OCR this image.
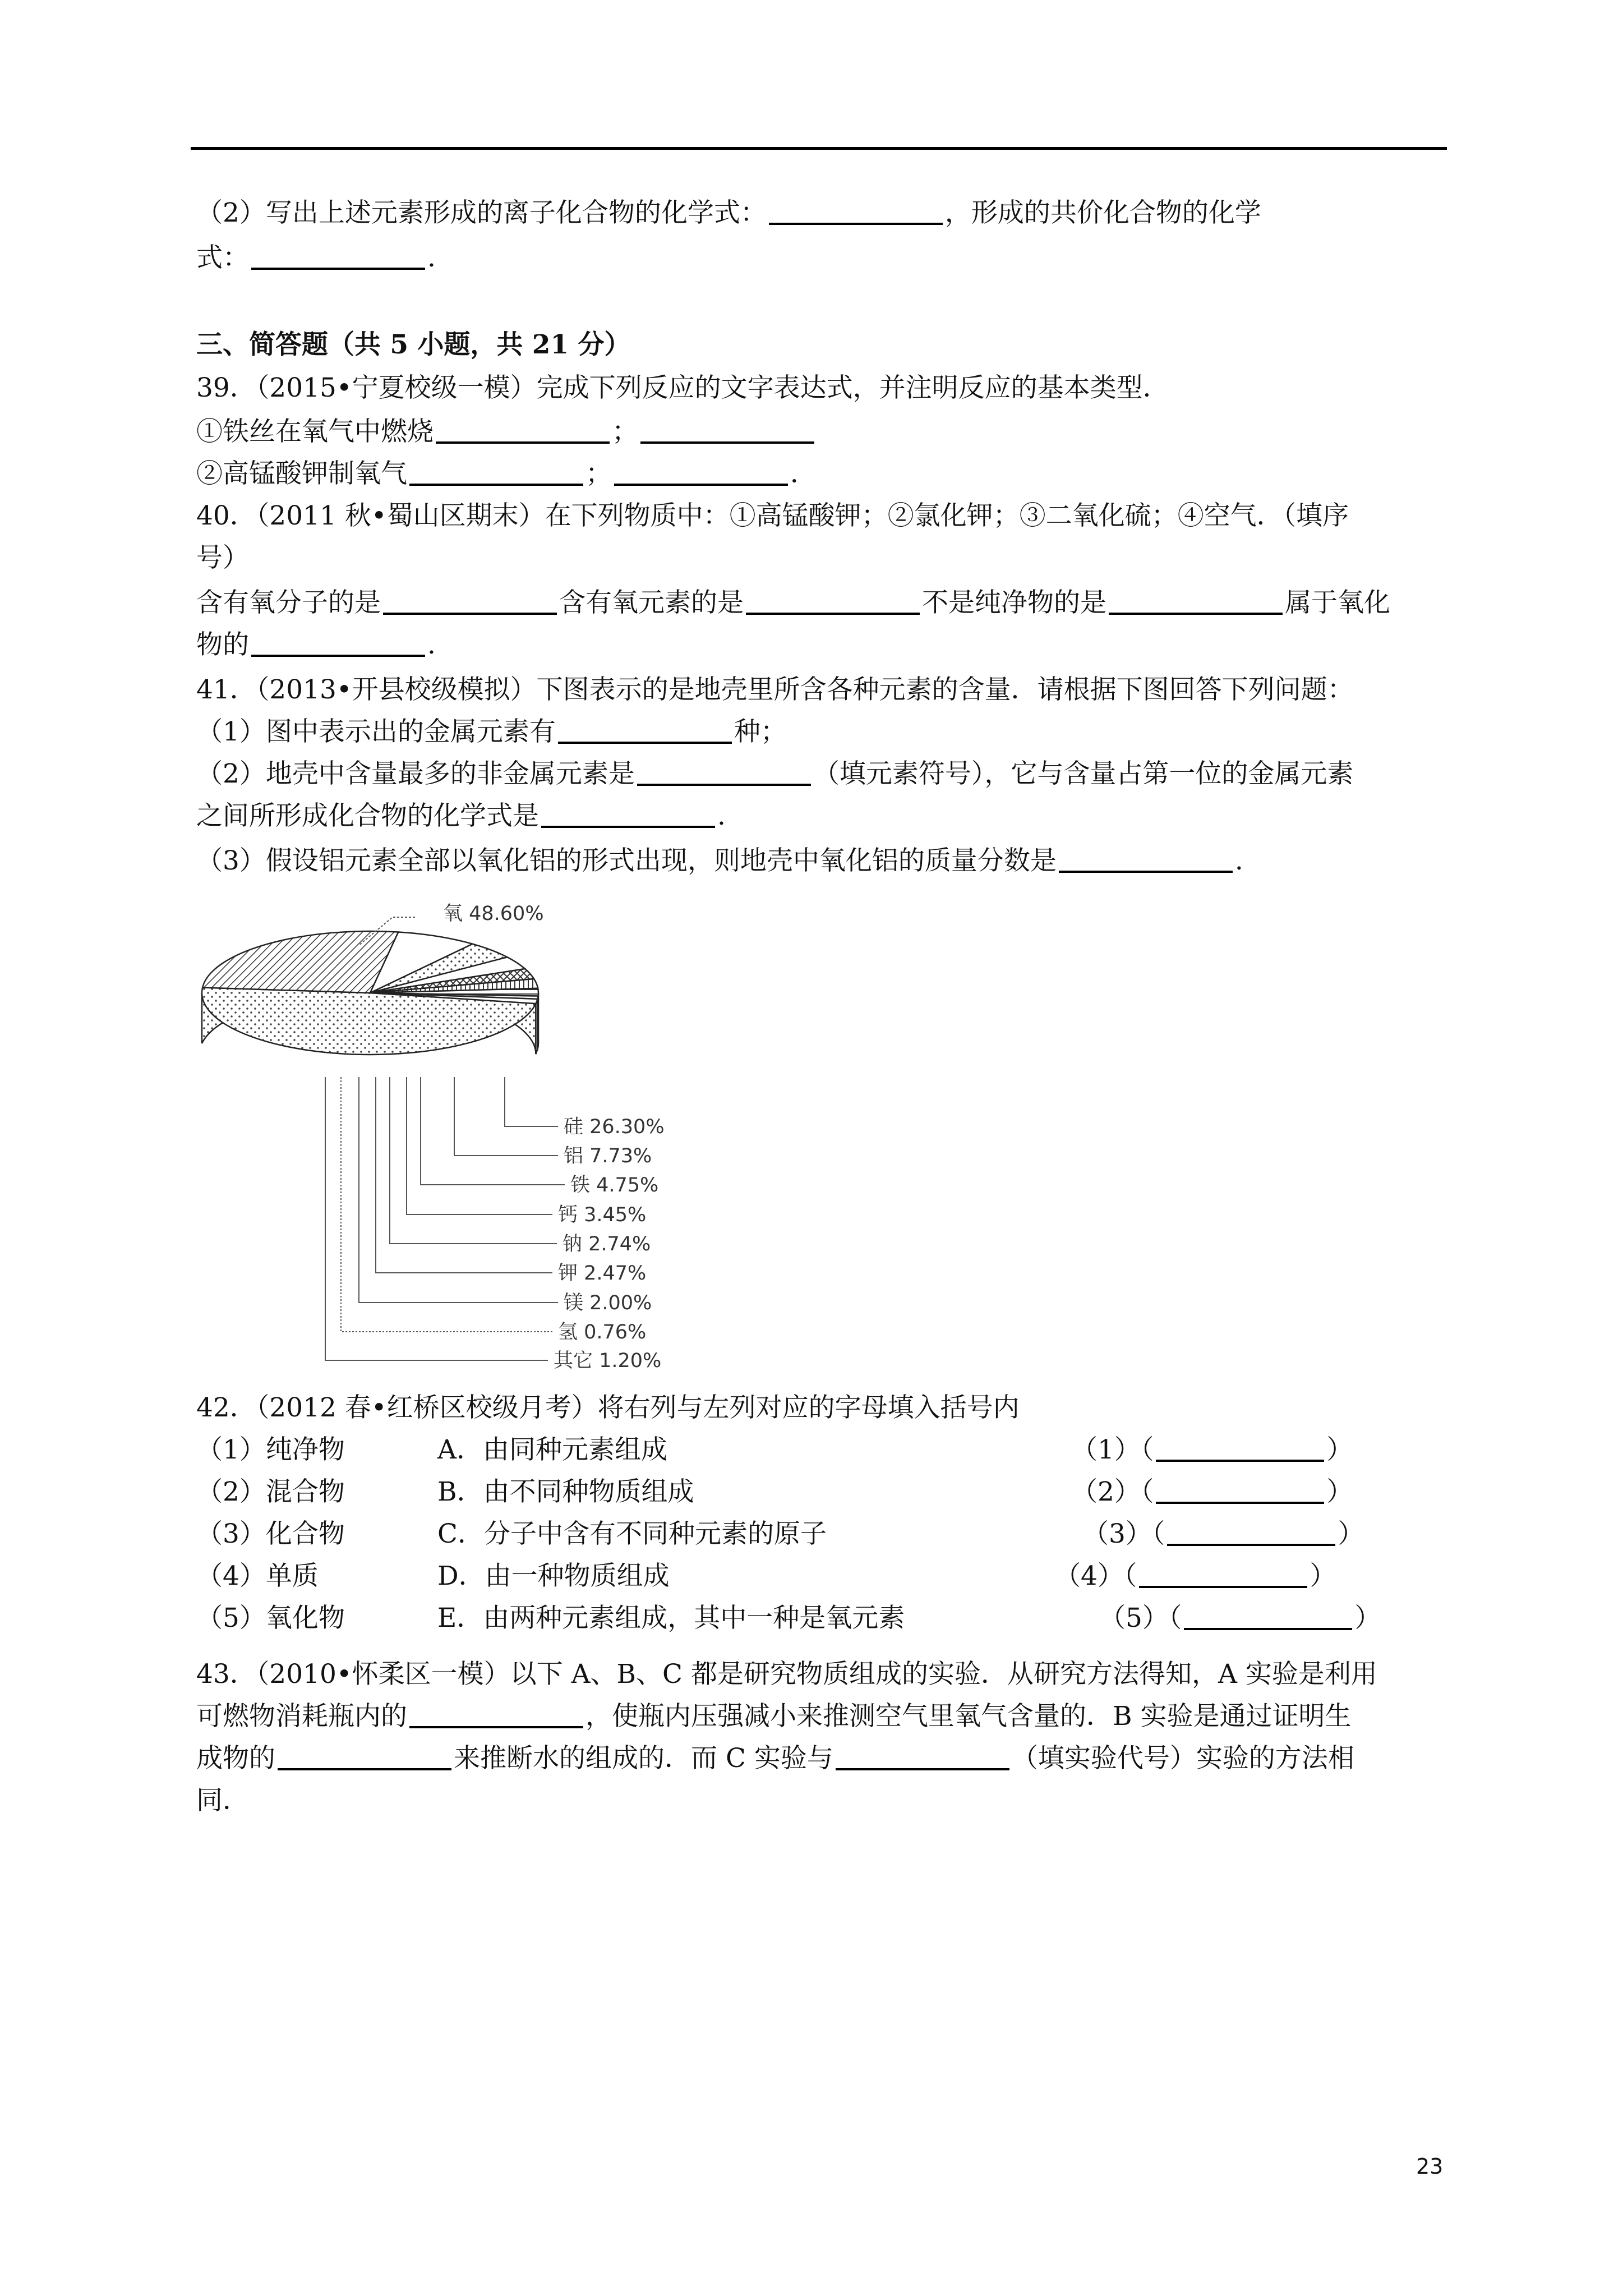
（2）写出上述元素形成的离子化合物的化学式：	，形成的共价化合物的化学
式：	.
三、简答题（共 5 小题，共 21 分）
39．（2015•宁夏校级一模）完成下列反应的文字表达式，并注明反应的基本类型．
①铁丝在氧气中燃烧	；
②高锰酸钾制氧气	；	．
40．（2011 秋•蜀山区期末）在下列物质中：①高锰酸钾；②氯化钾；③二氧化硫；④空气．（填序
号）
含有氧分子的是	含有氧元素的是	不是纯净物的是	属于氧化
物的	.
41．（2013•开县校级模拟）下图表示的是地壳里所含各种元素的含量．请根据下图回答下列问题：
（1）图中表示出的金属元素有	种；
（2）地壳中含量最多的非金属元素是	（填元素符号），它与含量占第一位的金属元素
之间所形成化合物的化学式是	.
（3）假设铝元素全部以氧化铝的形式出现，则地壳中氧化铝的质量分数是	.
氧 48.60%
硅 26.30%
铝 7.73%
铁 4.75%
钙 3.45%
钠 2.74%
钾 2.47%
镁 2.00%
氢 0.76%
其它 1.20%
42．（2012 春•红桥区校级月考）将右列与左列对应的字母填入括号内
（1）纯净物	A．由同种元素组成	（1）（	）
（2）混合物	B．由不同种物质组成	（2）（	）
（3）化合物	C．分子中含有不同种元素的原子	（3）（	）
（4）单质	D．由一种物质组成	（4）（	）
（5）氧化物	E．由两种元素组成，其中一种是氧元素	（5）（	）
43．（2010•怀柔区一模）以下 A、B、C 都是研究物质组成的实验．从研究方法得知，A 实验是利用
可燃物消耗瓶内的	，使瓶内压强减小来推测空气里氧气含量的．B 实验是通过证明生
成物的	来推断水的组成的．而 C 实验与	（填实验代号）实验的方法相
同．
23
